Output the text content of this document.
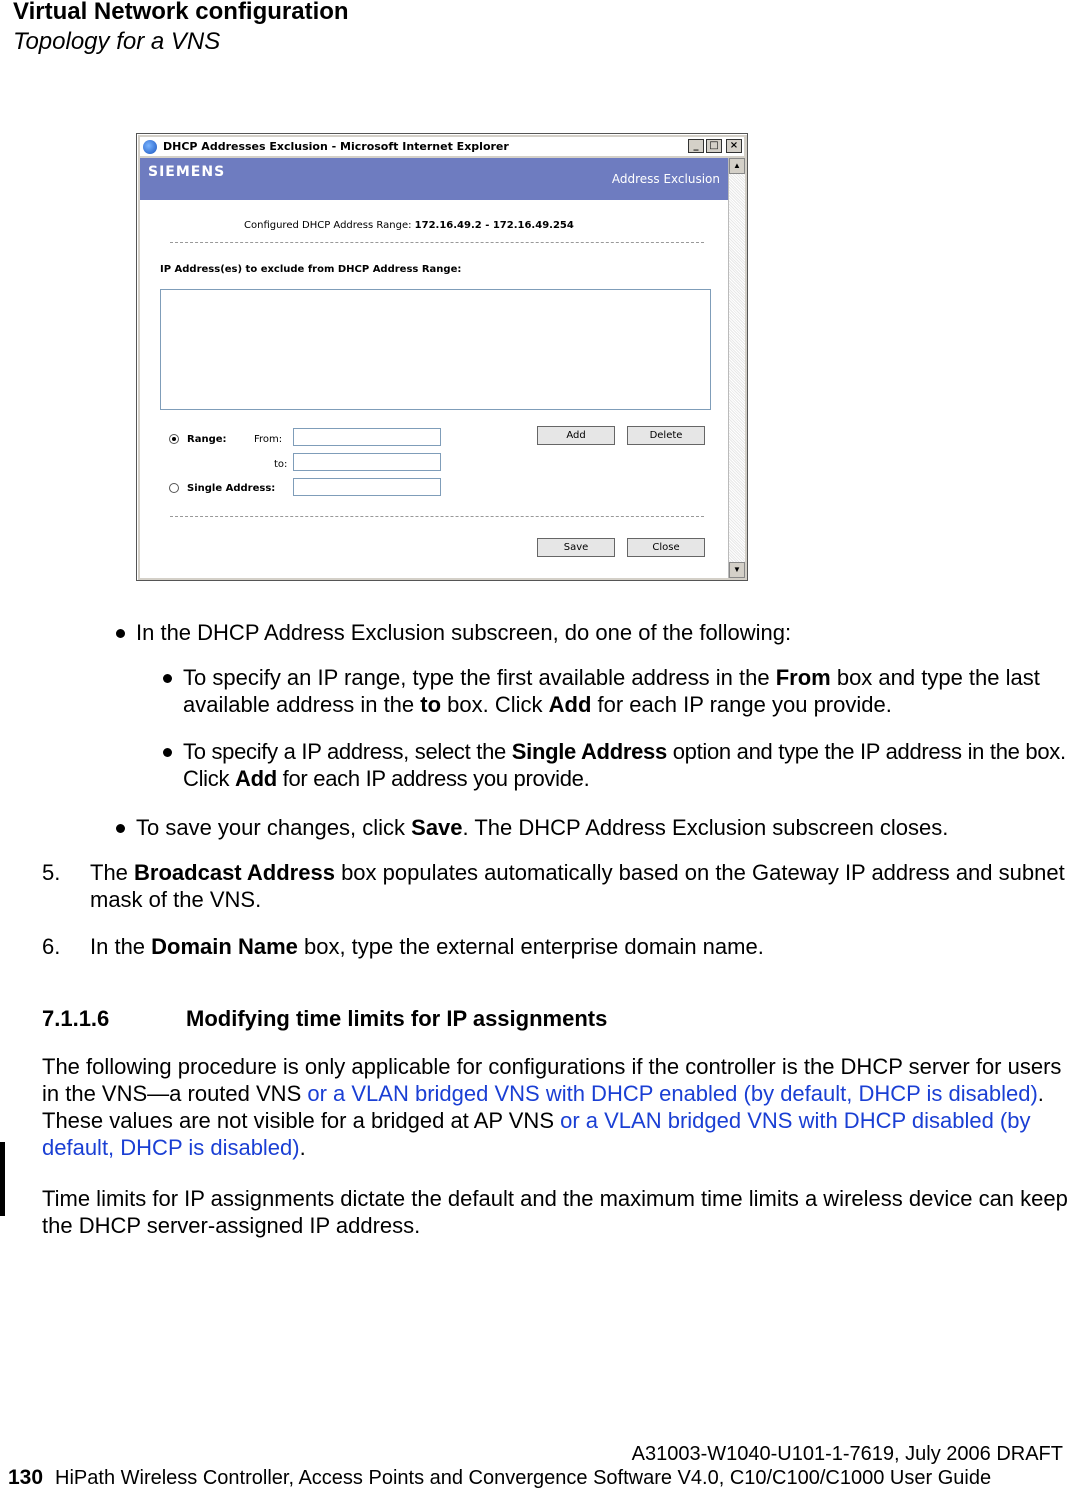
Virtual Network configuration
Topology for a VNS
DHCP Addresses Exclusion - Microsoft Internet Explorer	_	□	×
SIEMENS	Address Exclusion
Configured DHCP Address Range: 172.16.49.2 - 172.16.49.254
IP Address(es) to exclude from DHCP Address Range:
Range:	From:
to:
Single Address:
Add	Delete
Save	Close
▲
▼
In the DHCP Address Exclusion subscreen, do one of the following:
To specify an IP range, type the first available address in the From box and type the last available address in the to box. Click Add for each IP range you provide.
To specify a IP address, select the Single Address option and type the IP address in the box. Click Add for each IP address you provide.
To save your changes, click Save. The DHCP Address Exclusion subscreen closes.
5. The Broadcast Address box populates automatically based on the Gateway IP address and subnet mask of the VNS.
6. In the Domain Name box, type the external enterprise domain name.
7.1.1.6	Modifying time limits for IP assignments
The following procedure is only applicable for configurations if the controller is the DHCP server for users in the VNS—a routed VNS or a VLAN bridged VNS with DHCP enabled (by default, DHCP is disabled). These values are not visible for a bridged at AP VNS or a VLAN bridged VNS with DHCP disabled (by default, DHCP is disabled).
Time limits for IP assignments dictate the default and the maximum time limits a wireless device can keep the DHCP server-assigned IP address.
A31003-W1040-U101-1-7619, July 2006 DRAFT
130 HiPath Wireless Controller, Access Points and Convergence Software V4.0, C10/C100/C1000 User Guide
